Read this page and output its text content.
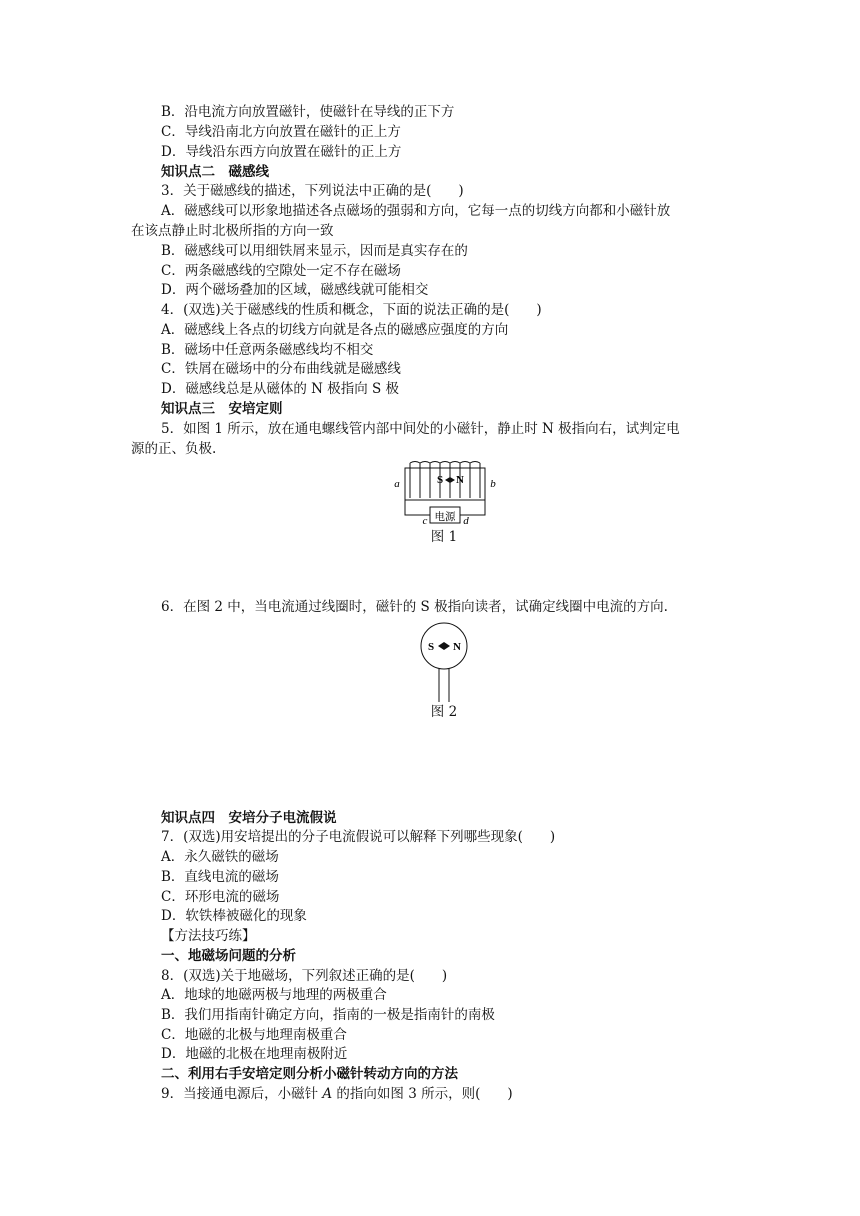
B．沿电流方向放置磁针，使磁针在导线的正下方
C．导线沿南北方向放置在磁针的正上方
D．导线沿东西方向放置在磁针的正上方
知识点二　磁感线
3．关于磁感线的描述，下列说法中正确的是(　　)
A．磁感线可以形象地描述各点磁场的强弱和方向，它每一点的切线方向都和小磁针放
在该点静止时北极所指的方向一致
B．磁感线可以用细铁屑来显示，因而是真实存在的
C．两条磁感线的空隙处一定不存在磁场
D．两个磁场叠加的区域，磁感线就可能相交
4．(双选)关于磁感线的性质和概念，下面的说法正确的是(　　)
A．磁感线上各点的切线方向就是各点的磁感应强度的方向
B．磁场中任意两条磁感线均不相交
C．铁屑在磁场中的分布曲线就是磁感线
D．磁感线总是从磁体的 N 极指向 S 极
知识点三　安培定则
5．如图 1 所示，放在通电螺线管内部中间处的小磁针，静止时 N 极指向右，试判定电
源的正、负极.
S N
a	b
c	d
电源
图 1
6．在图 2 中，当电流通过线圈时，磁针的 S 极指向读者，试确定线圈中电流的方向.
S N
图 2
知识点四　安培分子电流假说
7．(双选)用安培提出的分子电流假说可以解释下列哪些现象(　　)
A．永久磁铁的磁场
B．直线电流的磁场
C．环形电流的磁场
D．软铁棒被磁化的现象
【方法技巧练】
一、地磁场问题的分析
8．(双选)关于地磁场，下列叙述正确的是(　　)
A．地球的地磁两极与地理的两极重合
B．我们用指南针确定方向，指南的一极是指南针的南极
C．地磁的北极与地理南极重合
D．地磁的北极在地理南极附近
二、利用右手安培定则分析小磁针转动方向的方法
9．当接通电源后，小磁针 A 的指向如图 3 所示，则(　　)
